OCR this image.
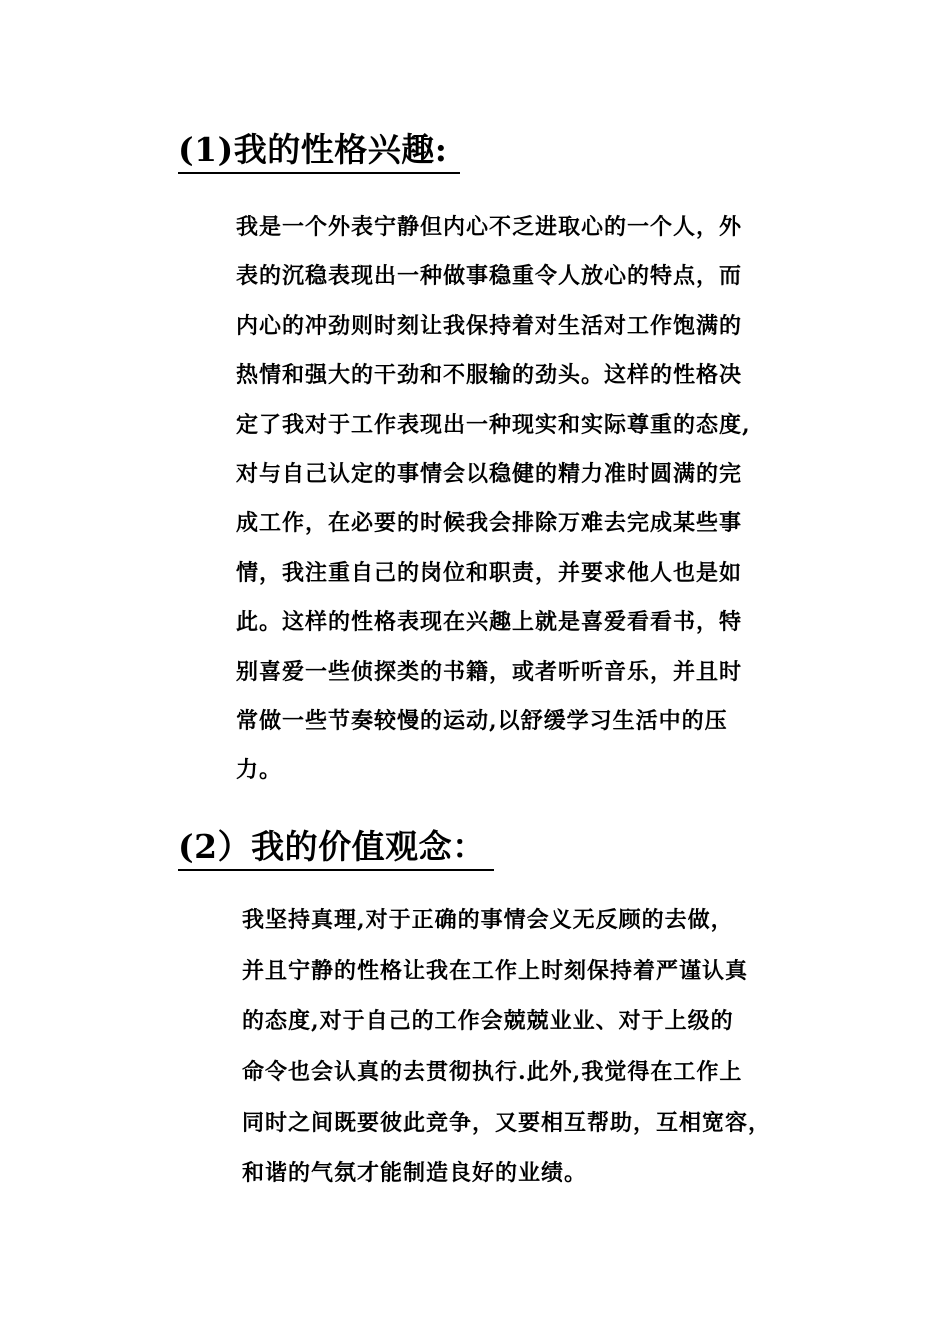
(1)我的性格兴趣:
我是一个外表宁静但内心不乏进取心的一个人，外
表的沉稳表现出一种做事稳重令人放心的特点，而
内心的冲劲则时刻让我保持着对生活对工作饱满的
热情和强大的干劲和不服输的劲头。这样的性格决
定了我对于工作表现出一种现实和实际尊重的态度,
对与自己认定的事情会以稳健的精力准时圆满的完
成工作，在必要的时候我会排除万难去完成某些事
情，我注重自己的岗位和职责，并要求他人也是如
此。这样的性格表现在兴趣上就是喜爱看看书，特
别喜爱一些侦探类的书籍，或者听听音乐，并且时
常做一些节奏较慢的运动,以舒缓学习生活中的压
力。
(2）我的价值观念：
我坚持真理,对于正确的事情会义无反顾的去做，
并且宁静的性格让我在工作上时刻保持着严谨认真
的态度,对于自己的工作会兢兢业业、对于上级的
命令也会认真的去贯彻执行.此外,我觉得在工作上
同时之间既要彼此竞争，又要相互帮助，互相宽容，
和谐的气氛才能制造良好的业绩。
